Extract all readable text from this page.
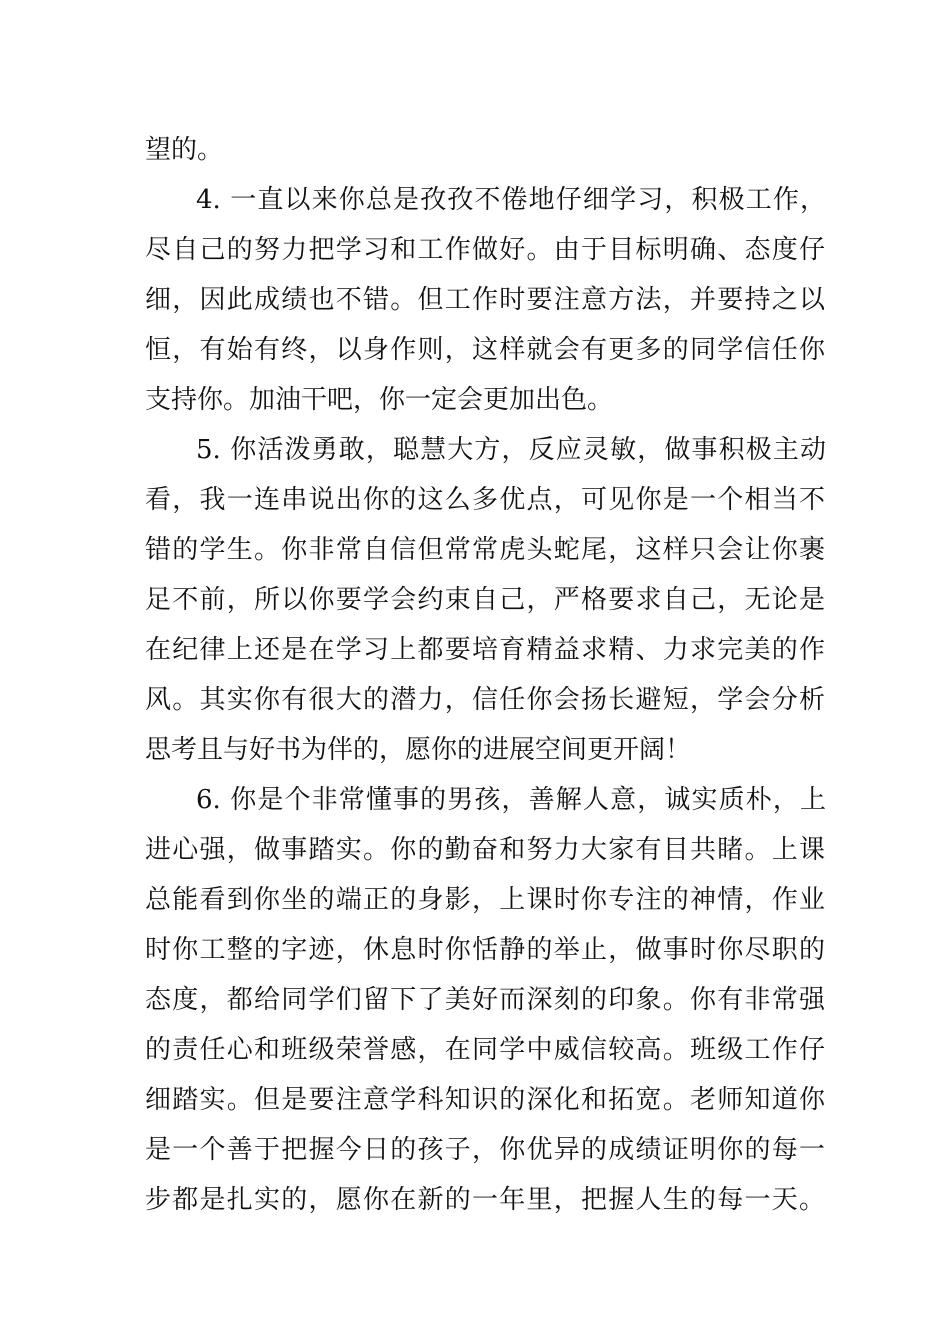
望的。
4. 一直以来你总是孜孜不倦地仔细学习，积极工作，
尽自己的努力把学习和工作做好。由于目标明确、态度仔
细，因此成绩也不错。但工作时要注意方法，并要持之以
恒，有始有终，以身作则，这样就会有更多的同学信任你
支持你。加油干吧，你一定会更加出色。
5. 你活泼勇敢，聪慧大方，反应灵敏，做事积极主动
看，我一连串说出你的这么多优点，可见你是一个相当不
错的学生。你非常自信但常常虎头蛇尾，这样只会让你裹
足不前，所以你要学会约束自己，严格要求自己，无论是
在纪律上还是在学习上都要培育精益求精、力求完美的作
风。其实你有很大的潜力，信任你会扬长避短，学会分析
思考且与好书为伴的，愿你的进展空间更开阔！
6. 你是个非常懂事的男孩，善解人意，诚实质朴，上
进心强，做事踏实。你的勤奋和努力大家有目共睹。上课
总能看到你坐的端正的身影，上课时你专注的神情，作业
时你工整的字迹，休息时你恬静的举止，做事时你尽职的
态度，都给同学们留下了美好而深刻的印象。你有非常强
的责任心和班级荣誉感，在同学中威信较高。班级工作仔
细踏实。但是要注意学科知识的深化和拓宽。老师知道你
是一个善于把握今日的孩子，你优异的成绩证明你的每一
步都是扎实的，愿你在新的一年里，把握人生的每一天。
